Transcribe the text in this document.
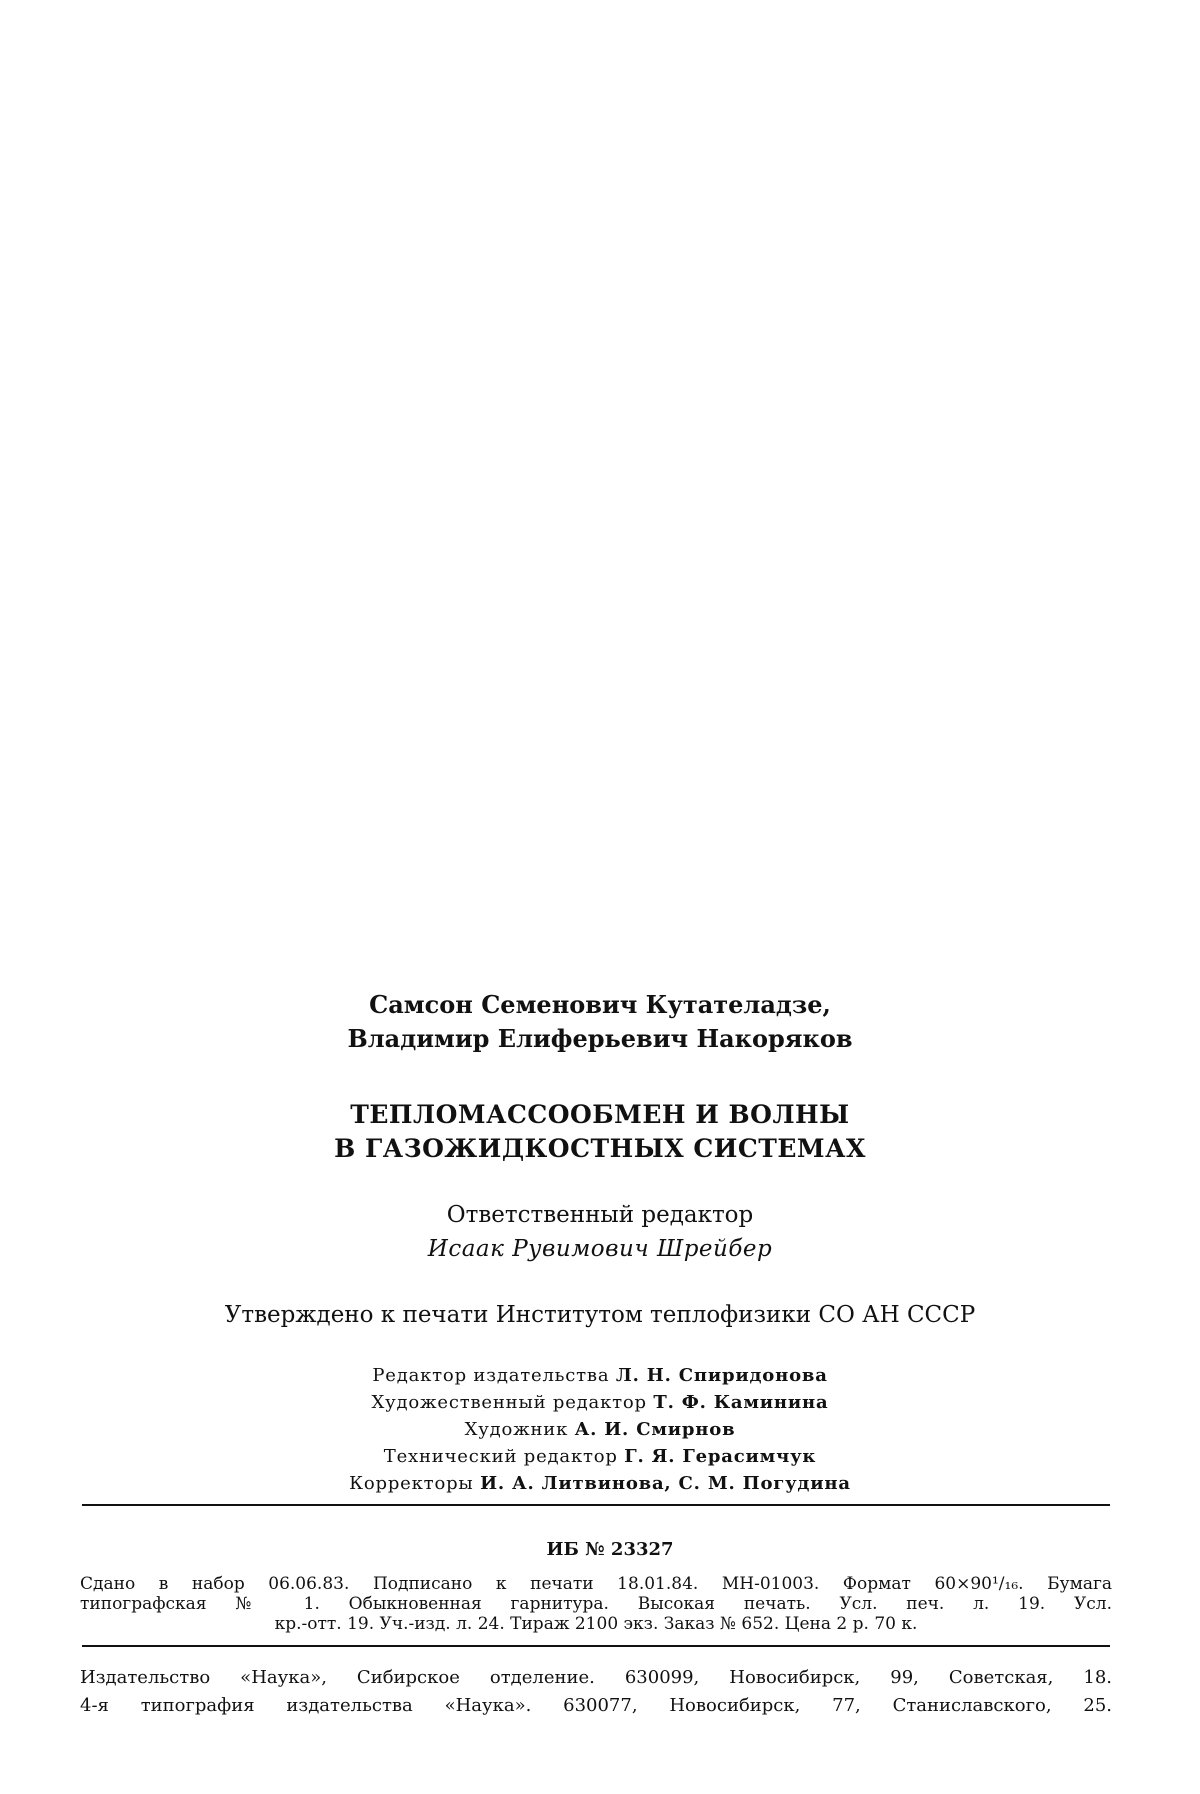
Самсон Семенович Кутателадзе,
Владимир Елиферьевич Накоряков
ТЕПЛОМАССООБМЕН И ВОЛНЫ
В ГАЗОЖИДКОСТНЫХ СИСТЕМАХ
Ответственный редактор
Исаак Рувимович Шрейбер
Утверждено к печати Институтом теплофизики СО АН СССР
Редактор издательства Л. Н. Спиридонова
Художественный редактор Т. Ф. Каминина
Художник А. И. Смирнов
Технический редактор Г. Я. Герасимчук
Корректоры И. А. Литвинова, С. М. Погудина
ИБ № 23327
Сдано в набор 06.06.83. Подписано к печати 18.01.84. МН-01003. Формат 60×90¹/₁₆. Бумага
типографская № 1. Обыкновенная гарнитура. Высокая печать. Усл. печ. л. 19. Усл.
кр.-отт. 19. Уч.-изд. л. 24. Тираж 2100 экз. Заказ № 652. Цена 2 р. 70 к.
Издательство «Наука», Сибирское отделение. 630099, Новосибирск, 99, Советская, 18.
4-я типография издательства «Наука». 630077, Новосибирск, 77, Станиславского, 25.
